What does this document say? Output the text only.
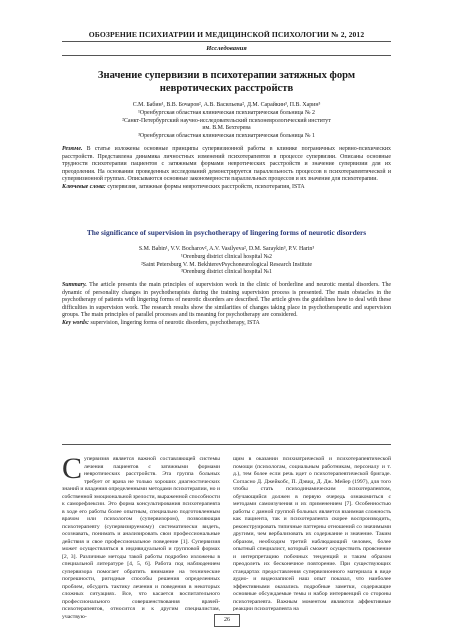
ОБОЗРЕНИЕ ПСИХИАТРИИ И МЕДИЦИНСКОЙ ПСИХОЛОГИИ № 2, 2012
Исследования
Значение супервизии в психотерапии затяжных форм
невротических расстройств
С.М. Бабин¹, В.В. Бочаров², А.В. Васильева², Д.М. Сарайкин³, П.В. Харин³
¹Оренбургская областная клиническая психиатрическая больница № 2
²Санкт-Петербургский научно-исследовательский психоневрологический институт
им. В.М. Бехтерева
³Оренбургская областная клиническая психиатрическая больница № 1
Резюме. В статье изложены основные принципы супервизионной работы в клинике пограничных нервно-психических расстройств. Представлена динамика личностных изменений психотерапевтов в процессе супервизии. Описаны основные трудности психотерапии пациентов с затяжными формами невротических расстройств и значение супервизии для их преодоления. На основании проведенных исследований демонстрируется параллельность процессов в психотерапевтической и супервизионной группах. Описываются основные закономерности параллельных процессов и их значение для психотерапии.
Ключевые слова: супервизия, затяжные формы невротических расстройств, психотерапия, ISTA
The significance of supervision in psychotherapy of lingering forms of neurotic disorders
S.M. Babin¹, V.V. Bocharov², A.V. Vasilyeva², D.M. Saraykin³, P.V. Harin³
¹Orenburg district clinical hospital №2
²Saint Petersburg V. M. BekhterevPsychoneurological Research Institute
³Orenburg district clinical hospital №1
Summary. The article presents the main principles of supervision work in the clinic of borderline and neurotic mental disorders. The dynamic of personality changes in psychotherapists during the training supervision process is presented. The main obstacles in the psychotherapy of patients with lingering forms of neurotic disorders are described. The article gives the guidelines how to deal with these difficulties in supervision work. The research results show the similarities of changes taking place in psychotherapeutic and supervision groups. The main principles of parallel processes and its meaning for psychotherapy are considered.
Key words: supervision, lingering forms of neurotic disorders, psychotherapy, ISTA
С упервизия является важной составляющей системы лечения пациентов с затяжными формами невротических расстройств. Эта группа больных требует от врача не только хороших диагностических знаний и владения определенными методами психотерапии, но и собственной эмоциональной зрелости, выраженной способности к саморефлексии. Это форма консультирования психотерапевта в ходе его работы более опытным, специально подготовленным врачом или психологом (супервизором), позволяющая психотерапевту (супервизируемому) систематически видеть, осознавать, понимать и анализировать свои профессиональные действия и свое профессиональное поведение [1]. Супервизия может осуществляться в индивидуальной и групповой формах [2, 3]. Различные методы такой работы подробно изложены в специальной литературе [4, 5, 6]. Работа под наблюдением супервизора помогает обратить внимание на технические погрешности, ригидные способы решения определенных проблем, обсудить тактику лечения и поведения в некоторых сложных ситуациях. Все, что касается воспитательного профессионального совершенствования врачей-психотерапевтов, относится и к другим специалистам, участвую-
щим в оказании психиатрической и психотерапевтической помощи (психологам, социальным работникам, персоналу и т. д.), тем более если речь идет о психотерапевтической бригаде. Согласно Д. Джейкобс, П. Дэвид, Д. Дж. Мейер (1997), для того чтобы стать психодинамическим психотерапевтом, обучающийся должен в первую очередь ознакомиться с методами самоизучения и их применением [7]. Особенностью работы с данной группой больных является взаимная сложность как пациента, так и психотерапевта скорее воспроизводить, реконструировать типичные паттерны отношений со значимыми другими, чем вербализовать их содержание и значение. Таким образом, необходим третий наблюдающий человек, более опытный специалист, который сможет осуществить прояснение и интерпретацию побочных тенденций и таким образом преодолеть их бесконечное повторение. При существующих стандартах предоставления супервизионного материала в виде аудио- и видеозаписей наш опыт показал, что наиболее эффективными оказались подробные заметки, содержащие основные обсуждаемые темы и набор интервенций со стороны психотерапевта. Важным моментом являются аффективные реакции психотерапевта на
26
